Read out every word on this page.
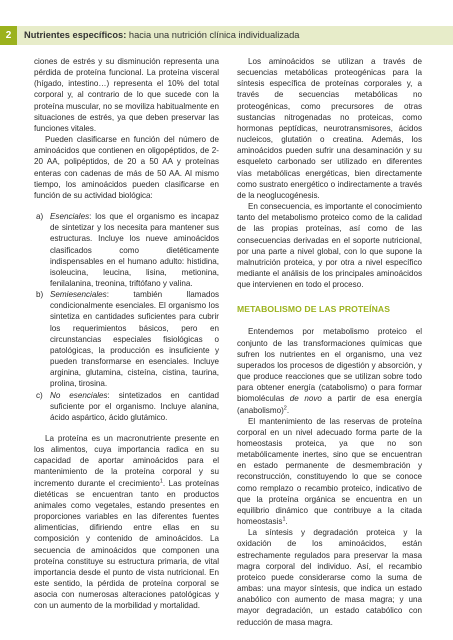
2	Nutrientes específicos: hacia una nutrición clínica individualizada

ciones de estrés y su disminución representa una pérdida de proteína funcional. La proteína visceral (hígado, intestino…) representa el 10% del total corporal y, al contrario de lo que sucede con la proteína muscular, no se moviliza habitualmente en situaciones de estrés, ya que deben preservar las funciones vitales.

Pueden clasificarse en función del número de aminoácidos que contienen en oligopéptidos, de 2-20 AA, polipéptidos, de 20 a 50 AA y proteínas enteras con cadenas de más de 50 AA. Al mismo tiempo, los aminoácidos pueden clasificarse en función de su actividad biológica:

a) Esenciales: los que el organismo es incapaz de sintetizar y los necesita para mantener sus estructuras. Incluye los nueve aminoácidos clasificados como dietéticamente indispensables en el humano adulto: histidina, isoleucina, leucina, lisina, metionina, fenilalanina, treonina, triftófano y valina.
b) Semiesenciales: también llamados condicionalmente esenciales. El organismo los sintetiza en cantidades suficientes para cubrir los requerimientos básicos, pero en circunstancias especiales fisiológicas o patológicas, la producción es insuficiente y pueden transformarse en esenciales. Incluye arginina, glutamina, cisteína, cistina, taurina, prolina, tirosina.
c) No esenciales: sintetizados en cantidad suficiente por el organismo. Incluye alanina, ácido aspártico, ácido glutámico.

La proteína es un macronutriente presente en los alimentos, cuya importancia radica en su capacidad de aportar aminoácidos para el mantenimiento de la proteína corporal y su incremento durante el crecimiento$^1$. Las proteínas dietéticas se encuentran tanto en productos animales como vegetales, estando presentes en proporciones variables en las diferentes fuentes alimenticias, difiriendo entre ellas en su composición y contenido de aminoácidos. La secuencia de aminoácidos que componen una proteína constituye su estructura primaria, de vital importancia desde el punto de vista nutricional. En este sentido, la pérdida de proteína corporal se asocia con numerosas alteraciones patológicas y con un aumento de la morbilidad y mortalidad.

Los aminoácidos se utilizan a través de secuencias metabólicas proteogénicas para la síntesis específica de proteínas corporales y, a través de secuencias metabólicas no proteogénicas, como precursores de otras sustancias nitrogenadas no proteicas, como hormonas peptídicas, neurotransmisores, ácidos nucleicos, glutatión o creatina. Además, los aminoácidos pueden sufrir una desaminación y su esqueleto carbonado ser utilizado en diferentes vías metabólicas energéticas, bien directamente como sustrato energético o indirectamente a través de la neoglucogénesis.

En consecuencia, es importante el conocimiento tanto del metabolismo proteico como de la calidad de las propias proteínas, así como de las consecuencias derivadas en el soporte nutricional, por una parte a nivel global, con lo que supone la malnutrición proteica, y por otra a nivel específico mediante el análisis de los principales aminoácidos que intervienen en todo el proceso.

METABOLISMO DE LAS PROTEÍNAS

Entendemos por metabolismo proteico el conjunto de las transformaciones químicas que sufren los nutrientes en el organismo, una vez superados los procesos de digestión y absorción, y que produce reacciones que se utilizan sobre todo para obtener energía (catabolismo) o para formar biomoléculas de novo a partir de esa energía (anabolismo)$^2$.

El mantenimiento de las reservas de proteína corporal en un nivel adecuado forma parte de la homeostasis proteica, ya que no son metabólicamente inertes, sino que se encuentran en estado permanente de desmembración y reconstrucción, constituyendo lo que se conoce como remplazo o recambio proteico, indicativo de que la proteína orgánica se encuentra en un equilibrio dinámico que contribuye a la citada homeostasis$^1$.

La síntesis y degradación proteica y la oxidación de los aminoácidos, están estrechamente regulados para preservar la masa magra corporal del individuo. Así, el recambio proteico puede considerarse como la suma de ambas: una mayor síntesis, que indica un estado anabólico con aumento de masa magra; y una mayor degradación, un estado catabólico con reducción de masa magra.
